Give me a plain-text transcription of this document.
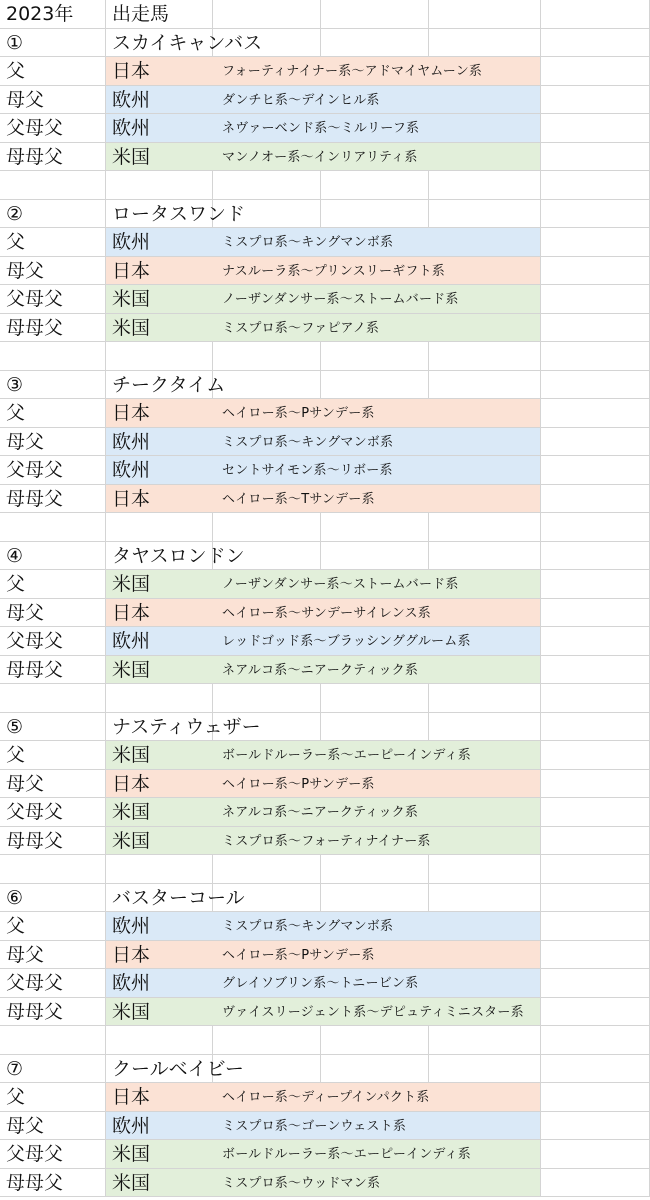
2023年 出走馬
①	スカイキャンバス
父	日本	フォーティナイナー系〜アドマイヤムーン系
母父	欧州	ダンチヒ系〜デインヒル系
父母父	欧州	ネヴァーベンド系〜ミルリーフ系
母母父	米国	マンノオー系〜インリアリティ系
②	ロータスワンド
父	欧州	ミスプロ系〜キングマンボ系
母父	日本	ナスルーラ系〜プリンスリーギフト系
父母父	米国	ノーザンダンサー系〜ストームバード系
母母父	米国	ミスプロ系〜ファピアノ系
③	チークタイム
父	日本	ヘイロー系〜Pサンデー系
母父	欧州	ミスプロ系〜キングマンボ系
父母父	欧州	セントサイモン系〜リボー系
母母父	日本	ヘイロー系〜Tサンデー系
④	タヤスロンドン
父	米国	ノーザンダンサー系〜ストームバード系
母父	日本	ヘイロー系〜サンデーサイレンス系
父母父	欧州	レッドゴッド系〜ブラッシンググルーム系
母母父	米国	ネアルコ系〜ニアークティック系
⑤	ナスティウェザー
父	米国	ボールドルーラー系〜エーピーインディ系
母父	日本	ヘイロー系〜Pサンデー系
父母父	米国	ネアルコ系〜ニアークティック系
母母父	米国	ミスプロ系〜フォーティナイナー系
⑥	バスターコール
父	欧州	ミスプロ系〜キングマンボ系
母父	日本	ヘイロー系〜Pサンデー系
父母父	欧州	グレイソブリン系〜トニービン系
母母父	米国	ヴァイスリージェント系〜デピュティミニスター系
⑦	クールベイビー
父	日本	ヘイロー系〜ディープインパクト系
母父	欧州	ミスプロ系〜ゴーンウェスト系
父母父	米国	ボールドルーラー系〜エーピーインディ系
母母父	米国	ミスプロ系〜ウッドマン系
